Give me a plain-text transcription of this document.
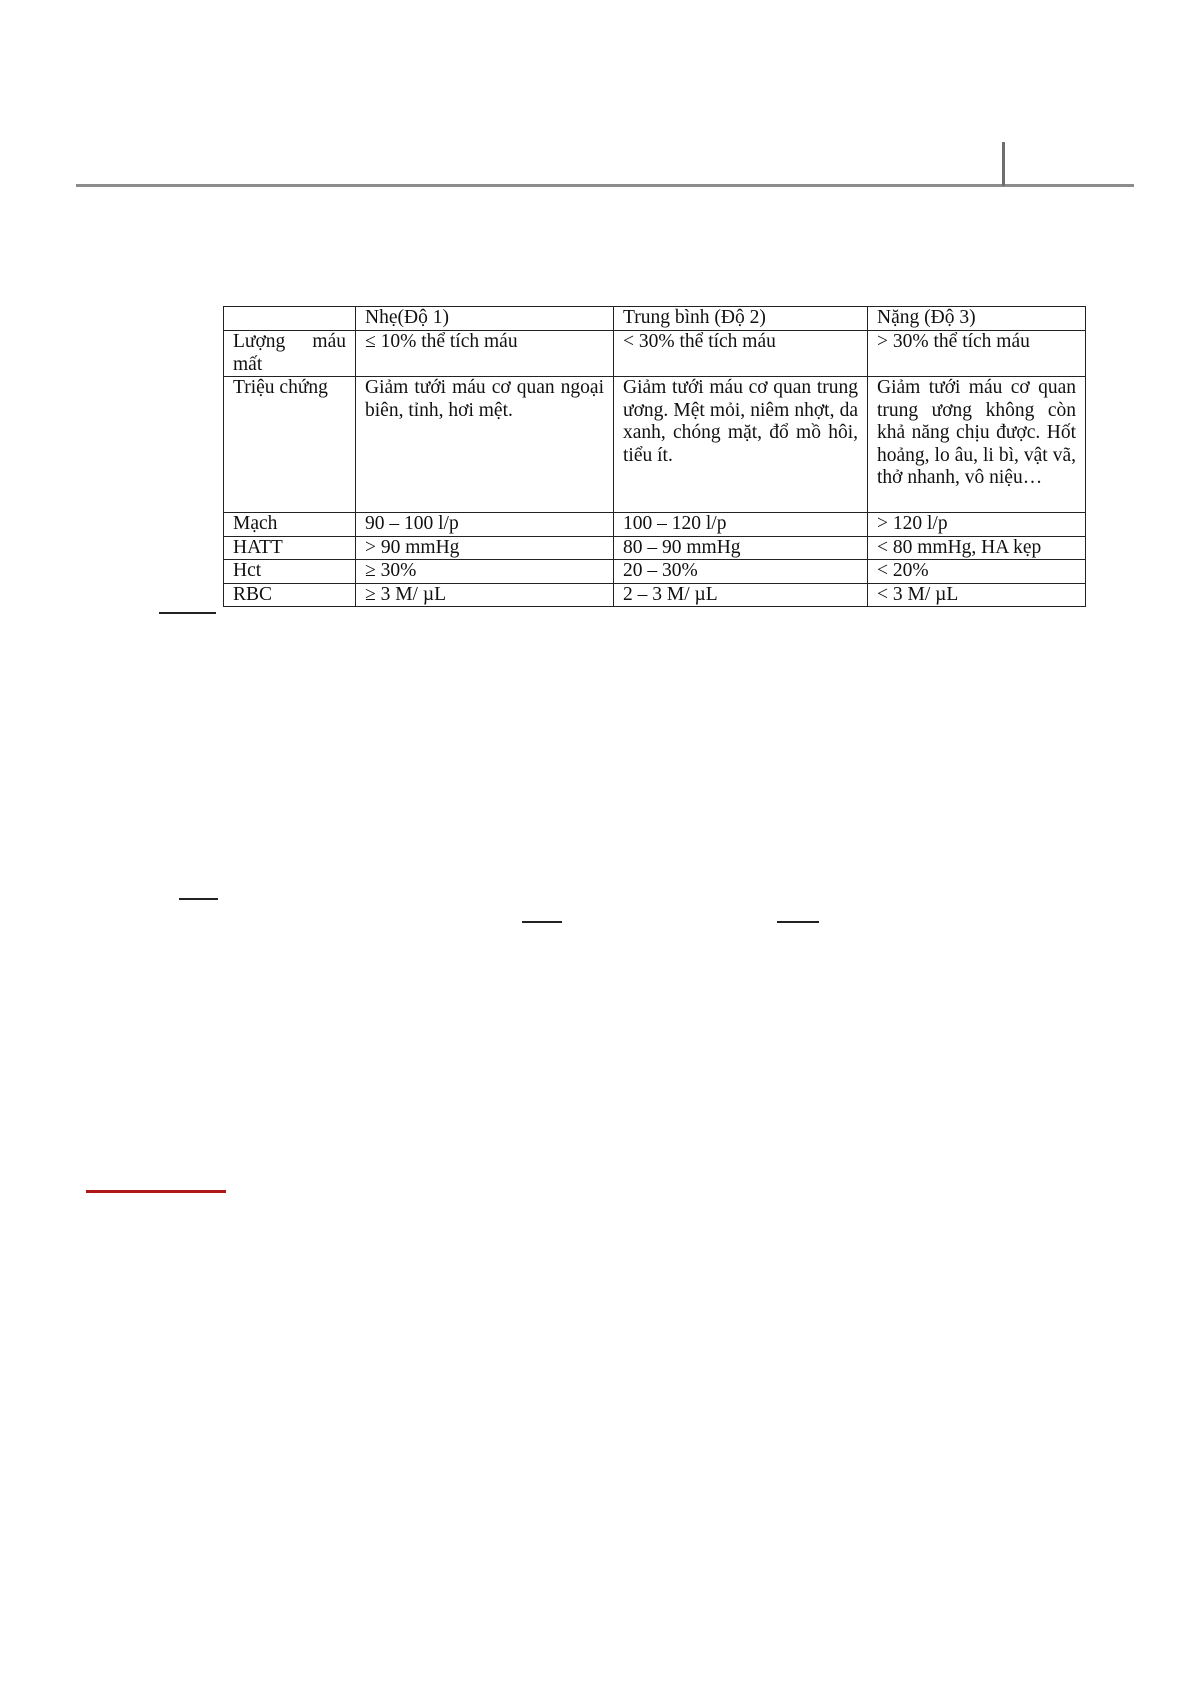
	Nhẹ(Độ 1)	Trung bình (Độ 2)	Nặng (Độ 3)
Lượng máu mất	≤ 10% thể tích máu	< 30% thể tích máu	> 30% thể tích máu
Triệu chứng	Giảm tưới máu cơ quan ngoại biên, tỉnh, hơi mệt.	Giảm tưới máu cơ quan trung ương. Mệt mỏi, niêm nhợt, da xanh, chóng mặt, đổ mồ hôi, tiểu ít.	Giảm tưới máu cơ quan trung ương không còn khả năng chịu được. Hốt hoảng, lo âu, li bì, vật vã, thở nhanh, vô niệu…
Mạch	90 – 100 l/p	100 – 120 l/p	> 120 l/p
HATT	> 90 mmHg	80 – 90 mmHg	< 80 mmHg, HA kẹp
Hct	≥ 30%	20 – 30%	< 20%
RBC	≥ 3 M/ µL	2 – 3 M/ µL	< 3 M/ µL
